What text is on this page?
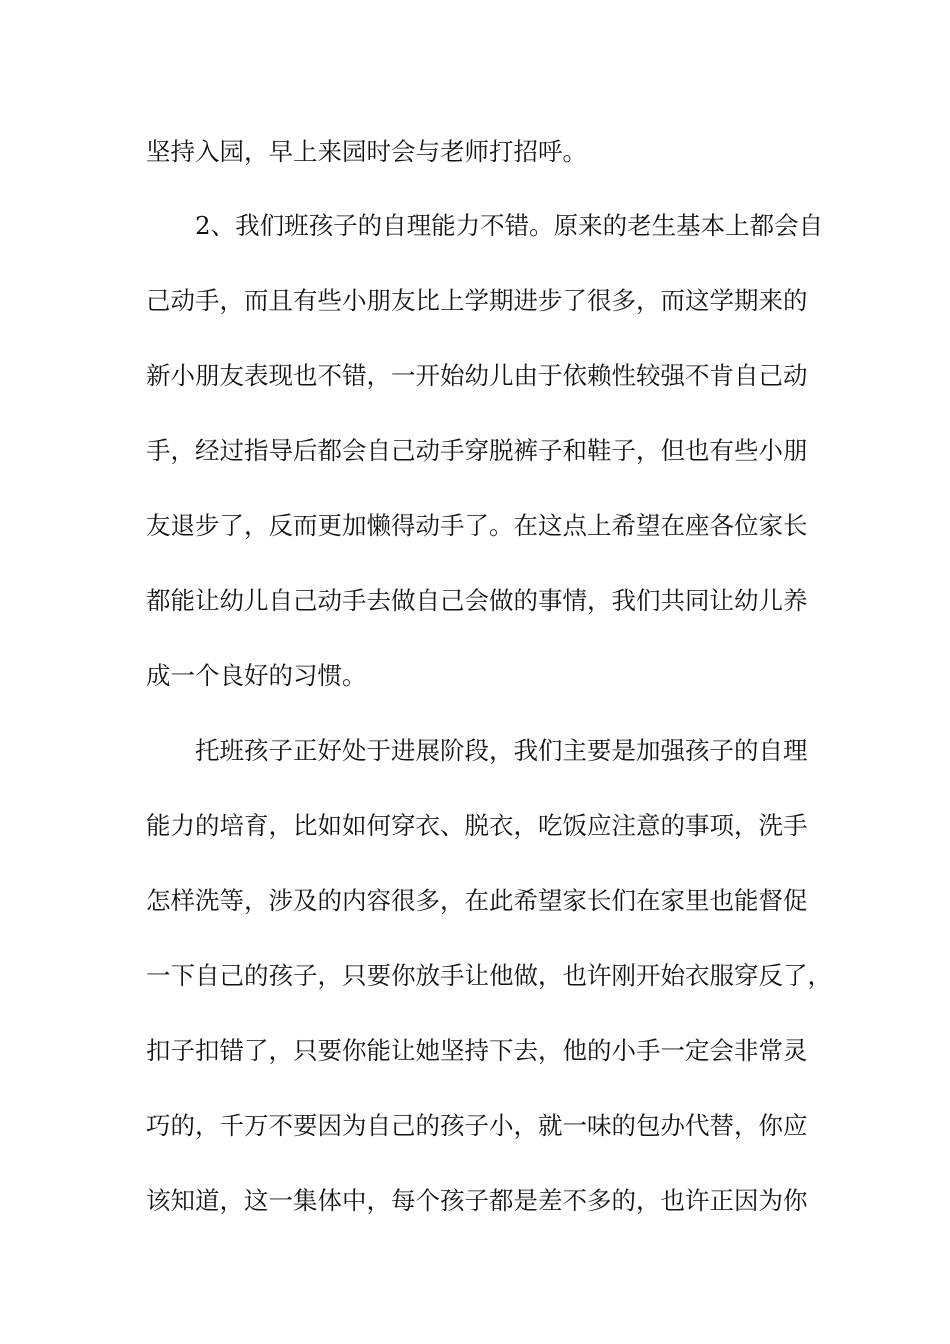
坚持入园，早上来园时会与老师打招呼。

2、我们班孩子的自理能力不错。原来的老生基本上都会自

己动手，而且有些小朋友比上学期进步了很多，而这学期来的

新小朋友表现也不错，一开始幼儿由于依赖性较强不肯自己动

手，经过指导后都会自己动手穿脱裤子和鞋子，但也有些小朋

友退步了，反而更加懒得动手了。在这点上希望在座各位家长

都能让幼儿自己动手去做自己会做的事情，我们共同让幼儿养

成一个良好的习惯。

托班孩子正好处于进展阶段，我们主要是加强孩子的自理

能力的培育，比如如何穿衣、脱衣，吃饭应注意的事项，洗手

怎样洗等，涉及的内容很多，在此希望家长们在家里也能督促

一下自己的孩子，只要你放手让他做，也许刚开始衣服穿反了，

扣子扣错了，只要你能让她坚持下去，他的小手一定会非常灵

巧的，千万不要因为自己的孩子小，就一味的包办代替，你应

该知道，这一集体中，每个孩子都是差不多的，也许正因为你
